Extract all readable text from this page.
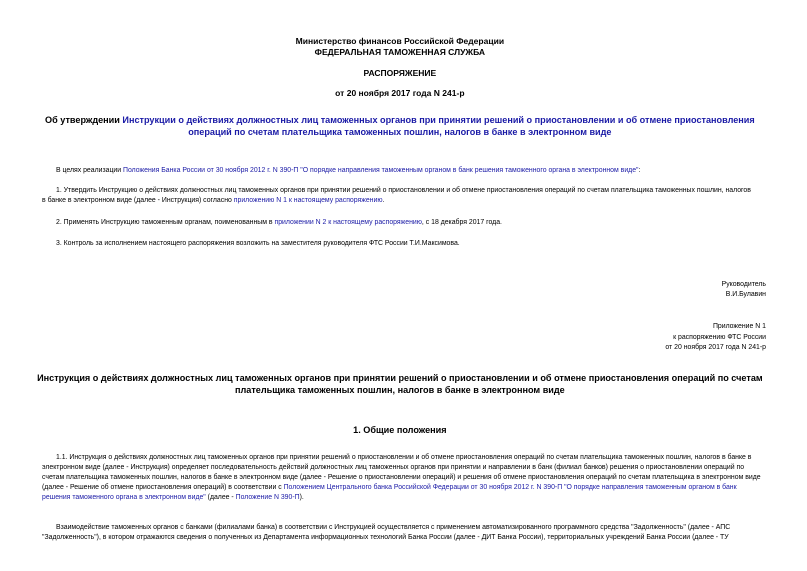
Министерство финансов Российской Федерации
ФЕДЕРАЛЬНАЯ ТАМОЖЕННАЯ СЛУЖБА
РАСПОРЯЖЕНИЕ
от 20 ноября 2017 года N 241-р
Об утверждении Инструкции о действиях должностных лиц таможенных органов при принятии решений о приостановлении и об отмене приостановления
операций по счетам плательщика таможенных пошлин, налогов в банке в электронном виде
В целях реализации Положения Банка России от 30 ноября 2012 г. N 390-П "О порядке направления таможенным органом в банк решения таможенного органа в электронном виде":
1. Утвердить Инструкцию о действиях должностных лиц таможенных органов при принятии решений о приостановлении и об отмене приостановления операций по счетам плательщика таможенных пошлин, налогов
в банке в электронном виде (далее - Инструкция) согласно приложению N 1 к настоящему распоряжению.
2. Применять Инструкцию таможенным органам, поименованным в приложении N 2 к настоящему распоряжению, с 18 декабря 2017 года.
3. Контроль за исполнением настоящего распоряжения возложить на заместителя руководителя ФТС России Т.И.Максимова.
Руководитель
В.И.Булавин
Приложение N 1
к распоряжению ФТС России
от 20 ноября 2017 года N 241-р
Инструкция о действиях должностных лиц таможенных органов при принятии решений о приостановлении и об отмене приостановления операций по счетам
плательщика таможенных пошлин, налогов в банке в электронном виде
1. Общие положения
1.1. Инструкция о действиях должностных лиц таможенных органов при принятии решений о приостановлении и об отмене приостановления операций по счетам плательщика таможенных пошлин, налогов в банке в
электронном виде (далее - Инструкция) определяет последовательность действий должностных лиц таможенных органов при принятии и направлении в банк (филиал банков) решения о приостановлении операций по
счетам плательщика таможенных пошлин, налогов в банке в электронном виде (далее - Решение о приостановлении операций) и решения об отмене приостановления операций по счетам плательщика в электронном виде
(далее - Решение об отмене приостановления операций) в соответствии с Положением Центрального банка Российской Федерации от 30 ноября 2012 г. N 390-П "О порядке направления таможенным органом в банк
решения таможенного органа в электронном виде" (далее - Положение N 390-П).
Взаимодействие таможенных органов с банками (филиалами банка) в соответствии с Инструкцией осуществляется с применением автоматизированного программного средства "Задолженность" (далее - АПС
"Задолженность"), в котором отражаются сведения о полученных из Департамента информационных технологий Банка России (далее - ДИТ Банка России), территориальных учреждений Банка России (далее - ТУ
